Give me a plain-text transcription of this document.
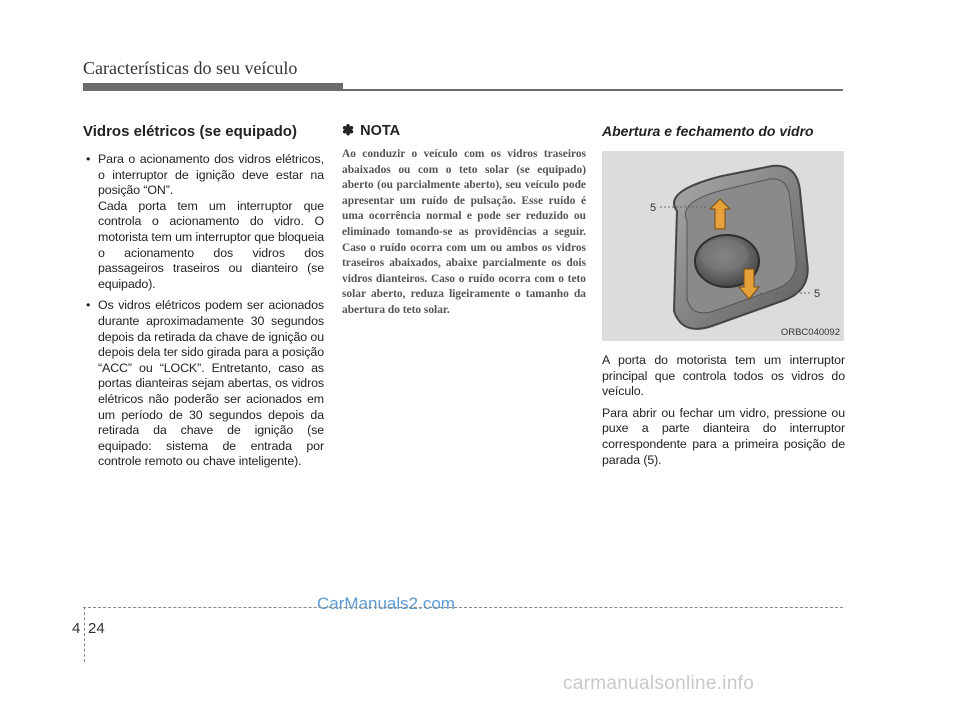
Características do seu veículo
Vidros elétricos (se equipado)
• Para o acionamento dos vidros elétricos, o interruptor de ignição deve estar na posição “ON”.

Cada porta tem um interruptor que controla o acionamento do vidro. O motorista tem um interruptor que bloqueia o acionamento dos vidros dos passageiros traseiros ou dianteiro (se equipado).

• Os vidros elétricos podem ser acionados durante aproximadamente 30 segundos depois da retirada da chave de ignição ou depois dela ter sido girada para a posição “ACC” ou “LOCK”. Entretanto, caso as portas dianteiras sejam abertas, os vidros elétricos não poderão ser acionados em um período de 30 segundos depois da retirada da chave de ignição (se equipado: sistema de entrada por controle remoto ou chave inteligente).

✽ NOTA

Ao conduzir o veículo com os vidros traseiros abaixados ou com o teto solar (se equipado) aberto (ou parcialmente aberto), seu veículo pode apresentar um ruído de pulsação. Esse ruído é uma ocorrência normal e pode ser reduzido ou eliminado tomando-se as providências a seguir. Caso o ruído ocorra com um ou ambos os vidros traseiros abaixados, abaixe parcialmente os dois vidros dianteiros. Caso o ruído ocorra com o teto solar aberto, reduza ligeiramente o tamanho da abertura do teto solar.

Abertura e fechamento do vidro
5
5
ORBC040092

A porta do motorista tem um interruptor principal que controla todos os vidros do veículo.

Para abrir ou fechar um vidro, pressione ou puxe a parte dianteira do interruptor correspondente para a primeira posição de parada (5).

CarManuals2.com
4 24
carmanualsonline.info
